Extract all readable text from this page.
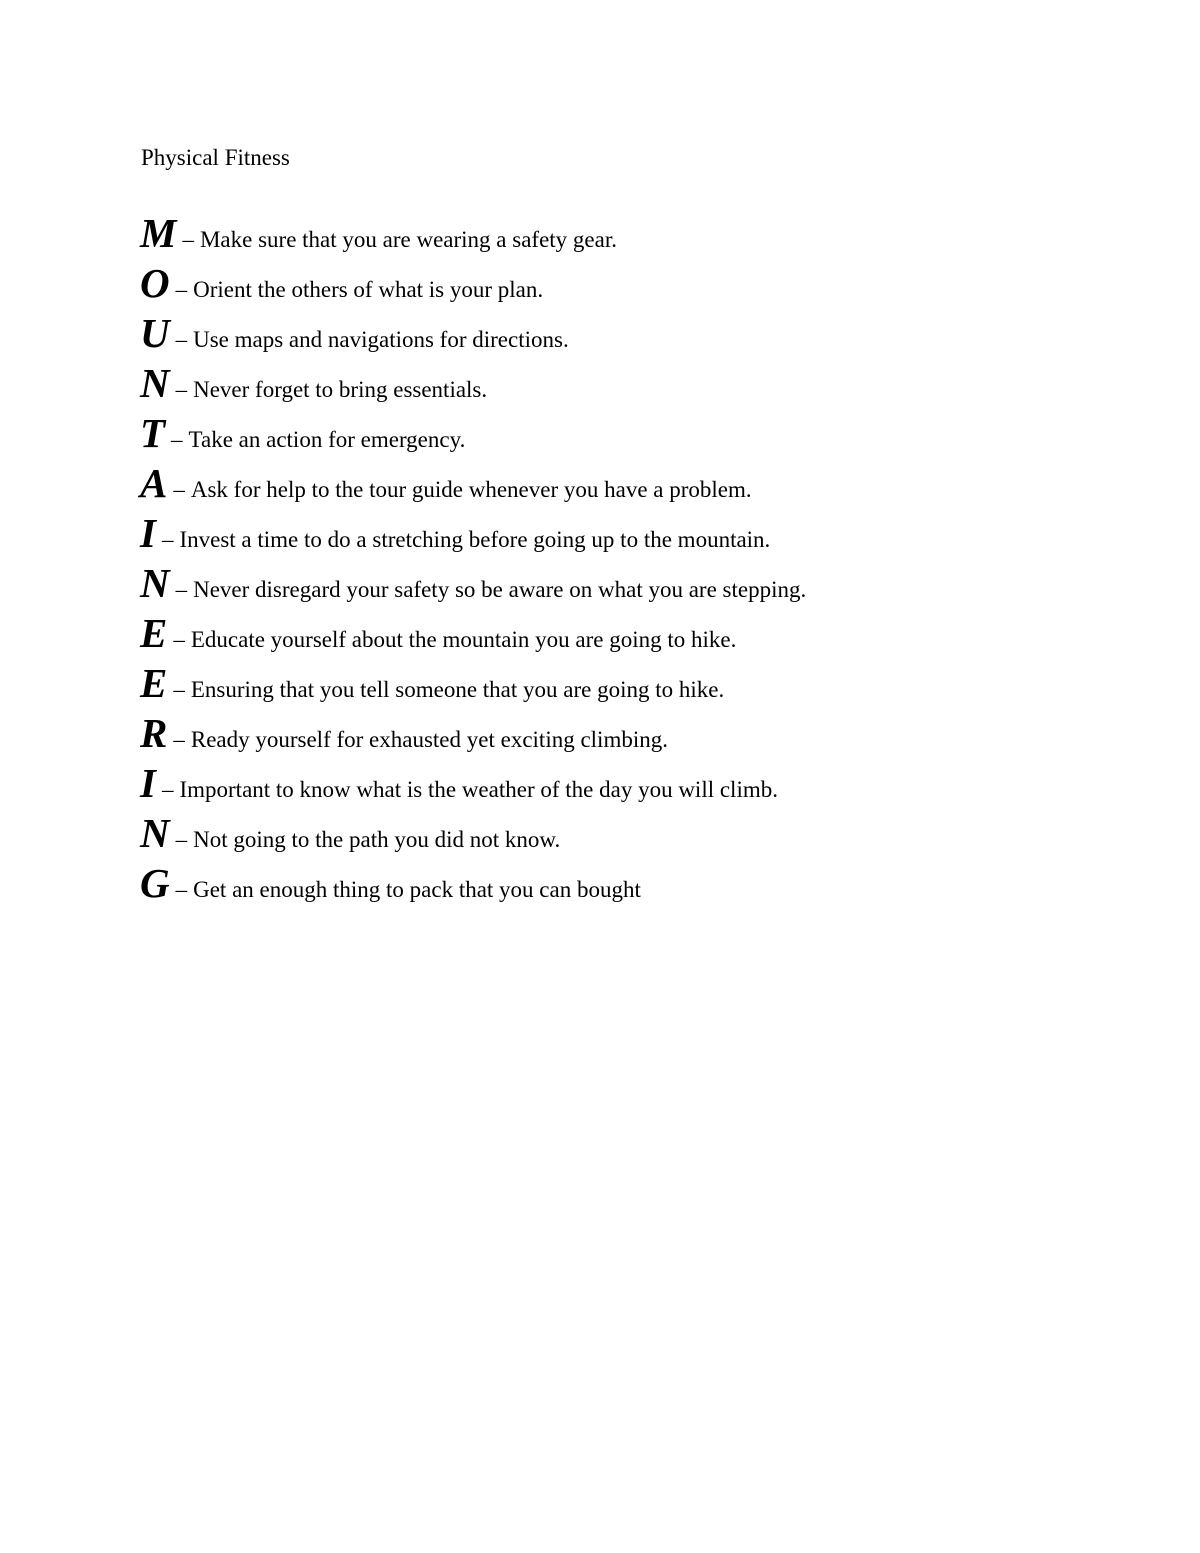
Physical Fitness
M – Make sure that you are wearing a safety gear.
O – Orient the others of what is your plan.
U – Use maps and navigations for directions.
N – Never forget to bring essentials.
T – Take an action for emergency.
A – Ask for help to the tour guide whenever you have a problem.
I – Invest a time to do a stretching before going up to the mountain.
N – Never disregard your safety so be aware on what you are stepping.
E – Educate yourself about the mountain you are going to hike.
E – Ensuring that you tell someone that you are going to hike.
R – Ready yourself for exhausted yet exciting climbing.
I – Important to know what is the weather of the day you will climb.
N – Not going to the path you did not know.
G – Get an enough thing to pack that you can bought
